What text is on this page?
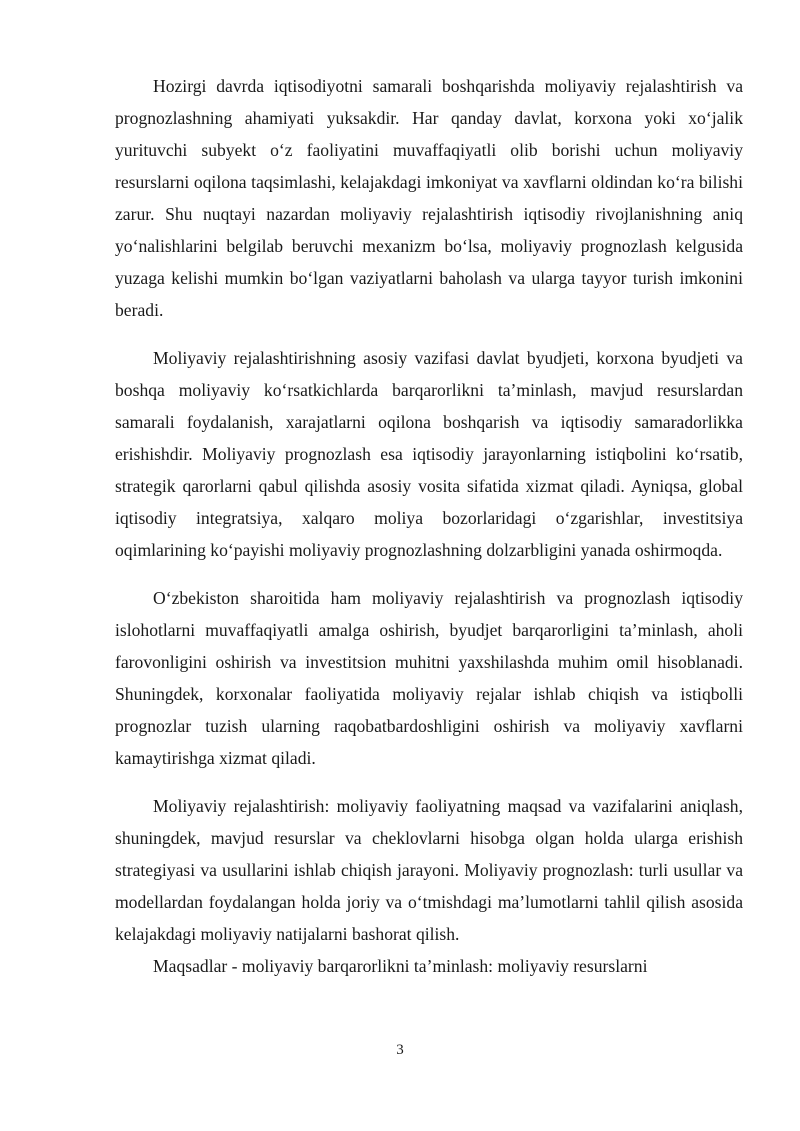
Hozirgi davrda iqtisodiyotni samarali boshqarishda moliyaviy rejalashtirish va prognozlashning ahamiyati yuksakdir. Har qanday davlat, korxona yoki xo‘jalik yurituvchi subyekt o‘z faoliyatini muvaffaqiyatli olib borishi uchun moliyaviy resurslarni oqilona taqsimlashi, kelajakdagi imkoniyat va xavflarni oldindan ko‘ra bilishi zarur. Shu nuqtayi nazardan moliyaviy rejalashtirish iqtisodiy rivojlanishning aniq yo‘nalishlarini belgilab beruvchi mexanizm bo‘lsa, moliyaviy prognozlash kelgusida yuzaga kelishi mumkin bo‘lgan vaziyatlarni baholash va ularga tayyor turish imkonini beradi.

Moliyaviy rejalashtirishning asosiy vazifasi davlat byudjeti, korxona byudjeti va boshqa moliyaviy ko‘rsatkichlarda barqarorlikni ta’minlash, mavjud resurslardan samarali foydalanish, xarajatlarni oqilona boshqarish va iqtisodiy samaradorlikka erishishdir. Moliyaviy prognozlash esa iqtisodiy jarayonlarning istiqbolini ko‘rsatib, strategik qarorlarni qabul qilishda asosiy vosita sifatida xizmat qiladi. Ayniqsa, global iqtisodiy integratsiya, xalqaro moliya bozorlaridagi o‘zgarishlar, investitsiya oqimlarining ko‘payishi moliyaviy prognozlashning dolzarbligini yanada oshirmoqda.

O‘zbekiston sharoitida ham moliyaviy rejalashtirish va prognozlash iqtisodiy islohotlarni muvaffaqiyatli amalga oshirish, byudjet barqarorligini ta’minlash, aholi farovonligini oshirish va investitsion muhitni yaxshilashda muhim omil hisoblanadi. Shuningdek, korxonalar faoliyatida moliyaviy rejalar ishlab chiqish va istiqbolli prognozlar tuzish ularning raqobatbardoshligini oshirish va moliyaviy xavflarni kamaytirishga xizmat qiladi.

Moliyaviy rejalashtirish: moliyaviy faoliyatning maqsad va vazifalarini aniqlash, shuningdek, mavjud resurslar va cheklovlarni hisobga olgan holda ularga erishish strategiyasi va usullarini ishlab chiqish jarayoni. Moliyaviy prognozlash: turli usullar va modellardan foydalangan holda joriy va o‘tmishdagi ma’lumotlarni tahlil qilish asosida kelajakdagi moliyaviy natijalarni bashorat qilish.

Maqsadlar - moliyaviy barqarorlikni ta’minlash: moliyaviy resurslarni

3
